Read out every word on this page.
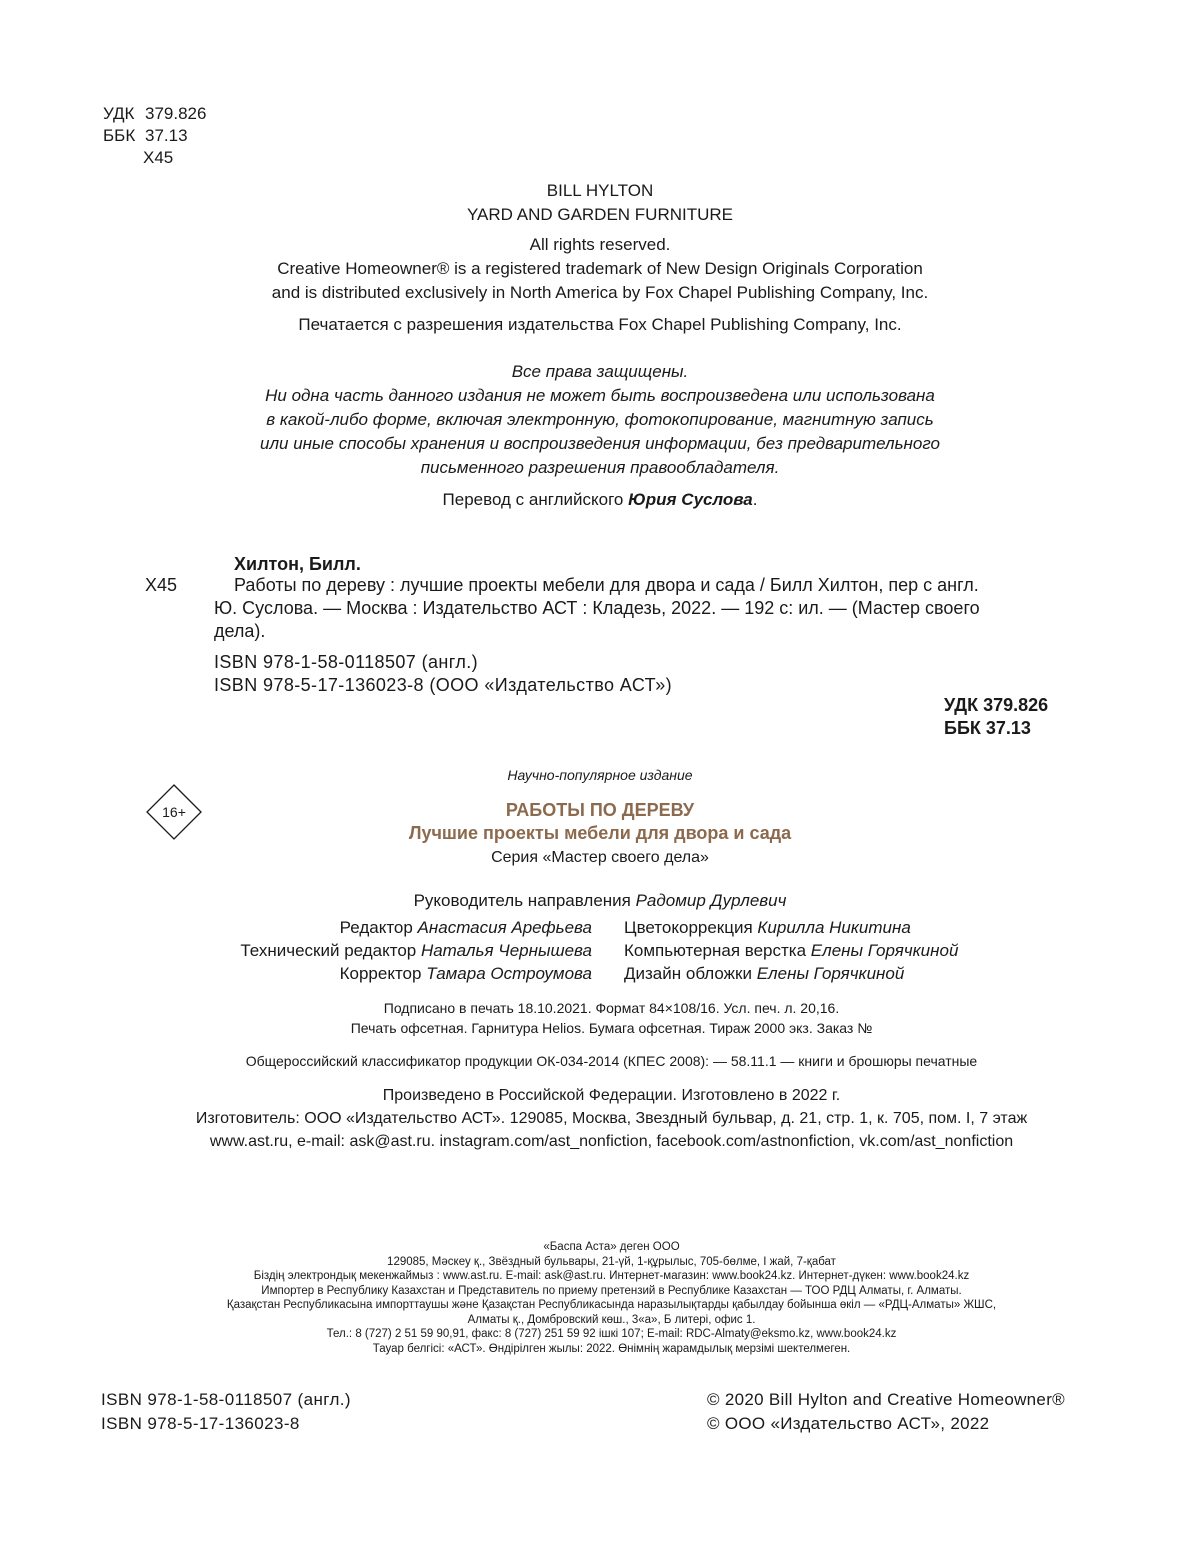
УДК 379.826
ББК 37.13
Х45
BILL HYLTON
YARD AND GARDEN FURNITURE
All rights reserved.
Creative Homeowner® is a registered trademark of New Design Originals Corporation
and is distributed exclusively in North America by Fox Chapel Publishing Company, Inc.
Печатается с разрешения издательства Fox Chapel Publishing Company, Inc.
Все права защищены.
Ни одна часть данного издания не может быть воспроизведена или использована
в какой-либо форме, включая электронную, фотокопирование, магнитную запись
или иные способы хранения и воспроизведения информации, без предварительного
письменного разрешения правообладателя.
Перевод с английского Юрия Суслова.
Хилтон, Билл.
Х45	Работы по дереву : лучшие проекты мебели для двора и сада / Билл Хилтон, пер с англ.
Ю. Суслова. — Москва : Издательство АСТ : Кладезь, 2022. — 192 с: ил. — (Мастер своего
дела).
ISBN 978-1-58-0118507 (англ.)
ISBN 978-5-17-136023-8 (ООО «Издательство АСТ»)
УДК 379.826
ББК 37.13
Научно-популярное издание
16+	РАБОТЫ ПО ДЕРЕВУ
Лучшие проекты мебели для двора и сада
Серия «Мастер своего дела»
Руководитель направления Радомир Дурлевич
Редактор Анастасия Арефьева
Технический редактор Наталья Чернышева
Корректор Тамара Остроумова
Цветокоррекция Кирилла Никитина
Компьютерная верстка Елены Горячкиной
Дизайн обложки Елены Горячкиной
Подписано в печать 18.10.2021. Формат 84×108/16. Усл. печ. л. 20,16.
Печать офсетная. Гарнитура Helios. Бумага офсетная. Тираж 2000 экз. Заказ №
Общероссийский классификатор продукции ОК-034-2014 (КПЕС 2008): — 58.11.1 — книги и брошюры печатные
Произведено в Российской Федерации. Изготовлено в 2022 г.
Изготовитель: ООО «Издательство АСТ». 129085, Москва, Звездный бульвар, д. 21, стр. 1, к. 705, пом. I, 7 этаж
www.ast.ru, e-mail: ask@ast.ru. instagram.com/ast_nonfiction, facebook.com/astnonfiction, vk.com/ast_nonfiction
«Баспа Аста» деген ООО
129085, Мәскеу қ., Звёздный бульвары, 21-үй, 1-құрылыс, 705-бөлме, I жай, 7-қабат
Біздің электрондық мекенжаймыз : www.ast.ru. E-mail: ask@ast.ru. Интернет-магазин: www.book24.kz. Интернет-дүкен: www.book24.kz
Импортер в Республику Казахстан и Представитель по приему претензий в Республике Казахстан — ТОО РДЦ Алматы, г. Алматы.
Қазақстан Республикасына импорттаушы және Қазақстан Республикасында наразылықтарды қабылдау бойынша өкіл — «РДЦ-Алматы» ЖШС,
Алматы қ., Домбровский көш., 3«а», Б литері, офис 1.
Тел.: 8 (727) 2 51 59 90,91, факс: 8 (727) 251 59 92 ішкі 107; E-mail: RDC-Almaty@eksmo.kz, www.book24.kz
Тауар белгісі: «АСТ». Өндірілген жылы: 2022. Өнімнің жарамдылық мерзімі шектелмеген.
ISBN 978-1-58-0118507 (англ.)
ISBN 978-5-17-136023-8
© 2020 Bill Hylton and Creative Homeowner®
© ООО «Издательство АСТ», 2022
